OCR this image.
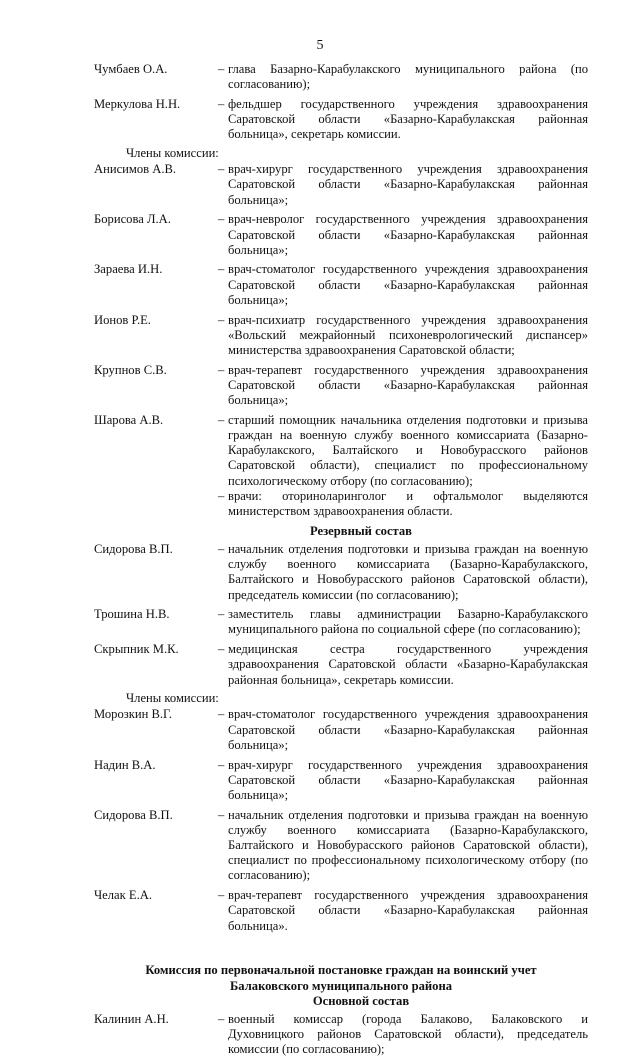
5
Чумбаев О.А.	– глава Базарно-Карабулакского муниципального района (по согласованию);
Меркулова Н.Н.	– фельдшер государственного учреждения здравоохранения Саратовской области «Базарно-Карабулакская районная больница», секретарь комиссии.
Члены комиссии:
Анисимов А.В.	– врач-хирург государственного учреждения здравоохранения Саратовской области «Базарно-Карабулакская районная больница»;
Борисова Л.А.	– врач-невролог государственного учреждения здравоохранения Саратовской области «Базарно-Карабулакская районная больница»;
Зараева И.Н.	– врач-стоматолог государственного учреждения здравоохранения Саратовской области «Базарно-Карабулакская районная больница»;
Ионов Р.Е.	– врач-психиатр государственного учреждения здравоохранения «Вольский межрайонный психоневрологический диспансер» министерства здравоохранения Саратовской области;
Крупнов С.В.	– врач-терапевт государственного учреждения здравоохранения Саратовской области «Базарно-Карабулакская районная больница»;
Шарова А.В.	– старший помощник начальника отделения подготовки и призыва граждан на военную службу военного комиссариата (Базарно-Карабулакского, Балтайского и Новобурасского районов Саратовской области), специалист по профессиональному психологическому отбору (по согласованию);
– врачи: оториноларинголог и офтальмолог выделяются министерством здравоохранения области.
Резервный состав
Сидорова В.П.	– начальник отделения подготовки и призыва граждан на военную службу военного комиссариата (Базарно-Карабулакского, Балтайского и Новобурасского районов Саратовской области), председатель комиссии (по согласованию);
Трошина Н.В.	– заместитель главы администрации Базарно-Карабулакского муниципального района по социальной сфере (по согласованию);
Скрыпник М.К.	– медицинская сестра государственного учреждения здравоохранения Саратовской области «Базарно-Карабулакская районная больница», секретарь комиссии.
Члены комиссии:
Морозкин В.Г.	– врач-стоматолог государственного учреждения здравоохранения Саратовской области «Базарно-Карабулакская районная больница»;
Надин В.А.	– врач-хирург государственного учреждения здравоохранения Саратовской области «Базарно-Карабулакская районная больница»;
Сидорова В.П.	– начальник отделения подготовки и призыва граждан на военную службу военного комиссариата (Базарно-Карабулакского, Балтайского и Новобурасского районов Саратовской области), специалист по профессиональному психологическому отбору (по согласованию);
Челак Е.А.	– врач-терапевт государственного учреждения здравоохранения Саратовской области «Базарно-Карабулакская районная больница».
Комиссия по первоначальной постановке граждан на воинский учет
Балаковского муниципального района
Основной состав
Калинин А.Н.	– военный комиссар (города Балаково, Балаковского и Духовницкого районов Саратовской области), председатель комиссии (по согласованию);
